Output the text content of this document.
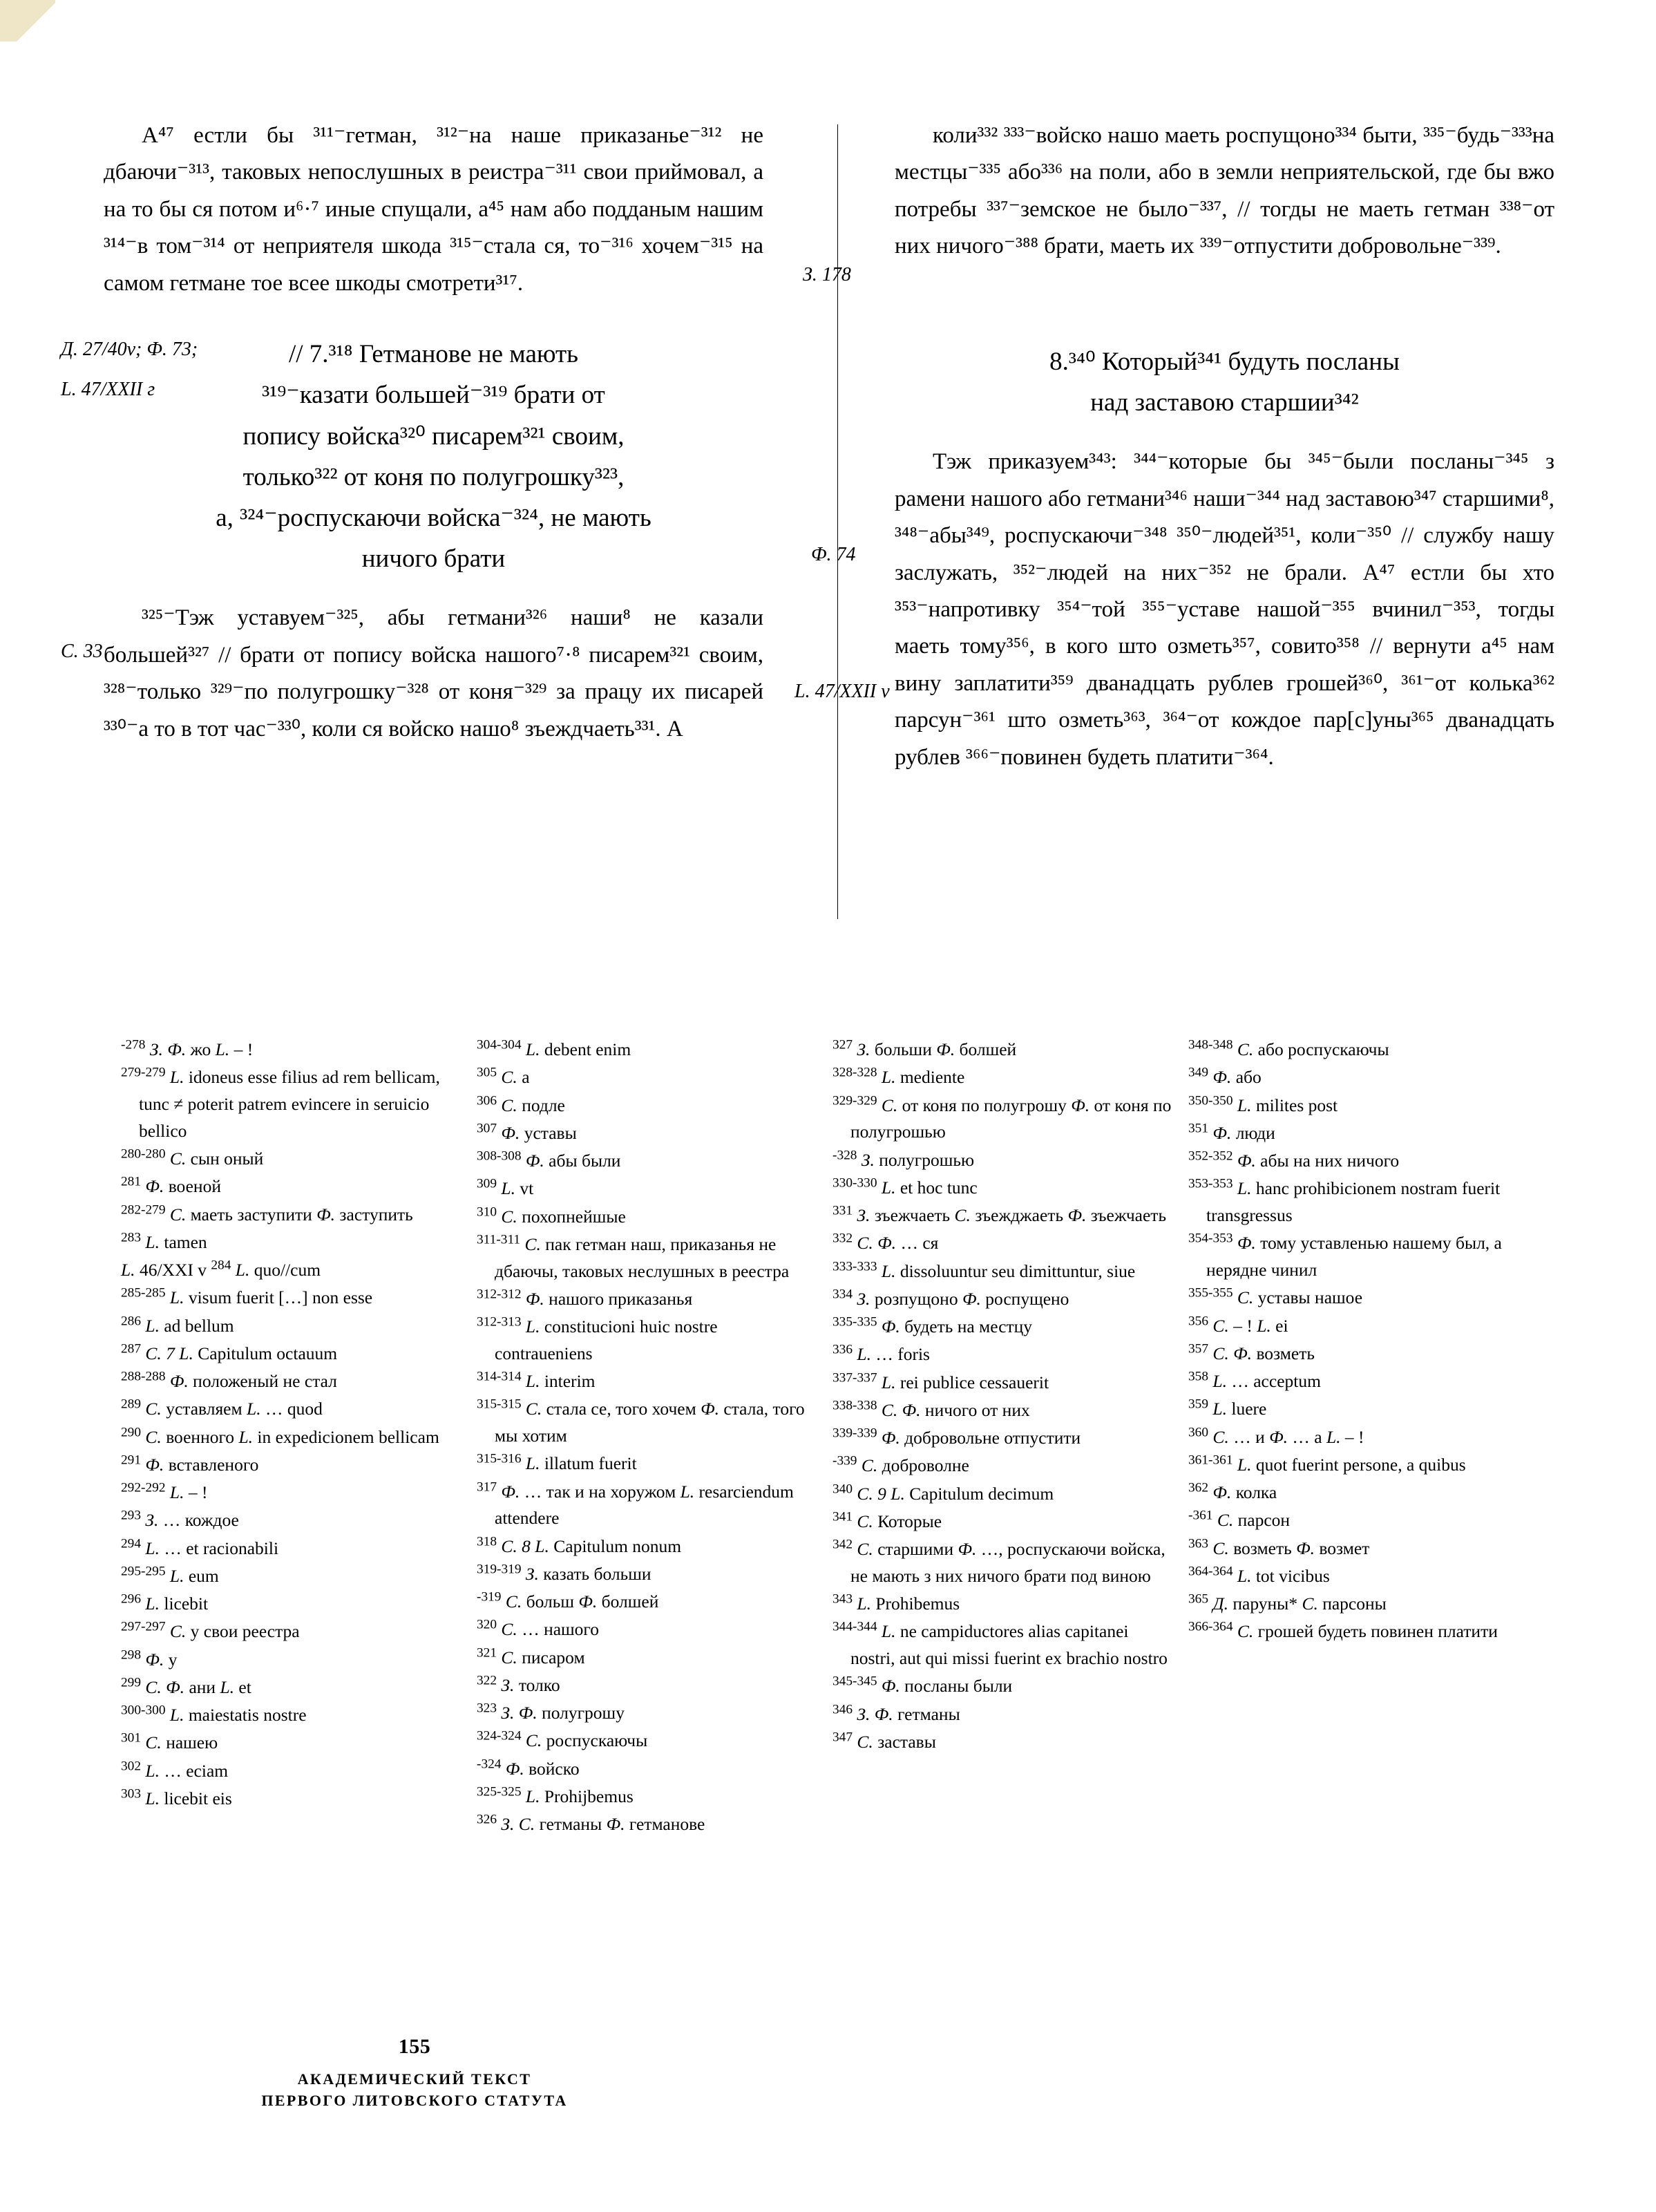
А⁴⁷ естли бы ³¹¹⁻гетман, ³¹²⁻на наше приказанье⁻³¹² не дбаючи⁻³¹³, таковых непослушных в реистра⁻³¹¹ свои приймовал, а на то бы ся потом и⁶·⁷ иные спущали, а⁴⁵ нам або подданым нашим ³¹⁴⁻в том⁻³¹⁴ от неприятеля шкода ³¹⁵⁻стала ся, то⁻³¹⁶ хочем⁻³¹⁵ на самом гетмане тое всее шкоды смотрети³¹⁷.

// 7.³¹⁸ Гетманове не мають
³¹⁹⁻казати большей⁻³¹⁹ брати от
попису войска³²⁰ писарем³²¹ своим,
только³²² от коня по полугрошку³²³,
а, ³²⁴⁻роспускаючи войска⁻³²⁴, не мають
ничого брати

³²⁵⁻Тэж уставуем⁻³²⁵, абы гетмани³²⁶ наши⁸ не казали большей³²⁷ // брати от попису войска нашого⁷·⁸ писарем³²¹ своим, ³²⁸⁻только ³²⁹⁻по полугрошку⁻³²⁸ от коня⁻³²⁹ за працу их писарей ³³⁰⁻а то в тот час⁻³³⁰, коли ся войско нашо⁸ зъеждчаеть³³¹. А

коли³³² ³³³⁻войско нашо маеть роспущоно³³⁴ быти, ³³⁵⁻будь⁻³³³на местцы⁻³³⁵ або³³⁶ на поли, або в земли неприятельской, где бы вжо потребы ³³⁷⁻земское не было⁻³³⁷, // тогды не маеть гетман ³³⁸⁻от них ничого⁻³⁸⁸ брати, маеть их ³³⁹⁻отпустити добровольне⁻³³⁹.

8.³⁴⁰ Который³⁴¹ будуть посланы
над заставою старшии³⁴²

Тэж приказуем³⁴³: ³⁴⁴⁻которые бы ³⁴⁵⁻были посланы⁻³⁴⁵ з рамени нашого або гетмани³⁴⁶ наши⁻³⁴⁴ над заставою³⁴⁷ старшими⁸, ³⁴⁸⁻абы³⁴⁹, роспускаючи⁻³⁴⁸ ³⁵⁰⁻людей³⁵¹, коли⁻³⁵⁰ // службу нашу заслужать, ³⁵²⁻людей на них⁻³⁵² не брали. А⁴⁷ естли бы хто ³⁵³⁻напротивку ³⁵⁴⁻той ³⁵⁵⁻уставе нашой⁻³⁵⁵ вчинил⁻³⁵³, тогды маеть тому³⁵⁶, в кого што озметь³⁵⁷, совито³⁵⁸ // вернути а⁴⁵ нам вину заплатити³⁵⁹ дванадцать рублев грошей³⁶⁰, ³⁶¹⁻от колька³⁶² парсун⁻³⁶¹ што озметь³⁶³, ³⁶⁴⁻от кождое пар[с]уны³⁶⁵ дванадцать рублев ³⁶⁶⁻повинен будеть платити⁻³⁶⁴.

Д. 27/40v; Ф. 73;
L. 47/XXII г
С. 33
З. 178
Ф. 74
L. 47/XXII v

$^{-278}$ З. Ф. жо L. – !

$^{279-279}$ L. idoneus esse filius ad rem bellicam, tunc ≠ poterit patrem evincere in seruicio bellico

$^{280-280}$ С. сын оный

$^{281}$ Ф. военой

$^{282-279}$ С. маеть заступити Ф. заступить

$^{283}$ L. tamen

L. 46/XXI v $^{284}$ L. quo//cum

$^{285-285}$ L. visum fuerit […] non esse

$^{286}$ L. ad bellum

$^{287}$ С. 7 L. Capitulum octauum

$^{288-288}$ Ф. положеный не стал

$^{289}$ С. уставляем L. … quod

$^{290}$ С. военного L. in expedicionem bellicam

$^{291}$ Ф. вставленого

$^{292-292}$ L. – !

$^{293}$ З. … кождое

$^{294}$ L. … et racionabili

$^{295-295}$ L. eum

$^{296}$ L. licebit

$^{297-297}$ С. у свои реестра

$^{298}$ Ф. у

$^{299}$ С. Ф. ани L. et

$^{300-300}$ L. maiestatis nostre

$^{301}$ С. нашею

$^{302}$ L. … eciam

$^{303}$ L. licebit eis

$^{304-304}$ L. debent enim

$^{305}$ С. а

$^{306}$ С. подле

$^{307}$ Ф. уставы

$^{308-308}$ Ф. абы были

$^{309}$ L. vt

$^{310}$ С. похопнейшые

$^{311-311}$ С. пак гетман наш, приказанья не дбаючы, таковых неслушных в реестра

$^{312-312}$ Ф. нашого приказанья

$^{312-313}$ L. constitucioni huic nostre contraueniens

$^{314-314}$ L. interim

$^{315-315}$ С. стала се, того хочем Ф. стала, того мы хотим

$^{315-316}$ L. illatum fuerit

$^{317}$ Ф. … так и на хоружом L. resarciendum attendere

$^{318}$ С. 8 L. Capitulum nonum

$^{319-319}$ З. казать больши

$^{-319}$ С. больш Ф. болшей

$^{320}$ С. … нашого

$^{321}$ С. писаром

$^{322}$ З. толко

$^{323}$ З. Ф. полугрошу

$^{324-324}$ С. роспускаючы

$^{-324}$ Ф. войско

$^{325-325}$ L. Prohijbemus

$^{326}$ З. С. гетманы Ф. гетманове

$^{327}$ З. больши Ф. болшей

$^{328-328}$ L. mediente

$^{329-329}$ С. от коня по полугрошу Ф. от коня по полугрошью

$^{-328}$ З. полугрошью

$^{330-330}$ L. et hoc tunc

$^{331}$ З. зъежчаеть С. зъежджаеть Ф. зъежчаеть

$^{332}$ С. Ф. … ся

$^{333-333}$ L. dissoluuntur seu dimittuntur, siue

$^{334}$ З. розпущоно Ф. роспущено

$^{335-335}$ Ф. будеть на местцу

$^{336}$ L. … foris

$^{337-337}$ L. rei publice cessauerit

$^{338-338}$ С. Ф. ничого от них

$^{339-339}$ Ф. добровольне отпустити

$^{-339}$ С. доброволне

$^{340}$ С. 9 L. Capitulum decimum

$^{341}$ С. Которые

$^{342}$ С. старшими Ф. …, роспускаючи войска, не мають з них ничого брати под виною

$^{343}$ L. Prohibemus

$^{344-344}$ L. ne campiductores alias capitanei nostri, aut qui missi fuerint ex brachio nostro

$^{345-345}$ Ф. посланы были

$^{346}$ З. Ф. гетманы

$^{347}$ С. заставы

$^{348-348}$ С. або роспускаючы

$^{349}$ Ф. або

$^{350-350}$ L. milites post

$^{351}$ Ф. люди

$^{352-352}$ Ф. абы на них ничого

$^{353-353}$ L. hanc prohibicionem nostram fuerit transgressus

$^{354-353}$ Ф. тому уставленью нашему был, а нерядне чинил

$^{355-355}$ С. уставы нашое

$^{356}$ С. – ! L. ei

$^{357}$ С. Ф. возметь

$^{358}$ L. … acceptum

$^{359}$ L. luere

$^{360}$ С. … и Ф. … а L. – !

$^{361-361}$ L. quot fuerint persone, a quibus

$^{362}$ Ф. колка

$^{-361}$ С. парсон

$^{363}$ С. возметь Ф. возмет

$^{364-364}$ L. tot vicibus

$^{365}$ Д. паруны* С. парсоны

$^{366-364}$ С. грошей будеть повинен платити

155
АКАДЕМИЧЕСКИЙ ТЕКСТ
ПЕРВОГО ЛИТОВСКОГО СТАТУТА
